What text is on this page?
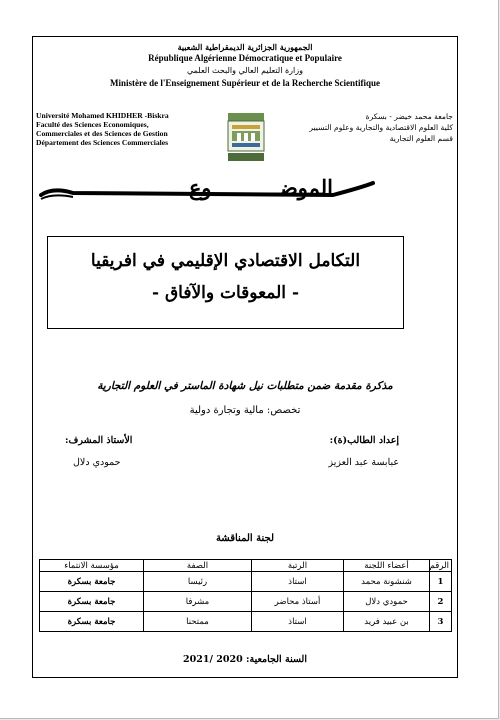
الجمهورية الجزائرية الديمقراطية الشعبية
République Algérienne Démocratique et Populaire
وزارة التعليم العالي والبحث العلمي
Ministère de l'Enseignement Supérieur et de la Recherche Scientifique
Université Mohamed KHIDHER -Biskra
Faculté des Sciences Economiques,
Commerciales et des Sciences de Gestion
Département des Sciences Commerciales
جامعة محمد خيضر - بسكرة
كلية العلوم الاقتصادية والتجارية وعلوم التسيير
قسم العلوم التجارية
الموضـــــــــــوع
التكامل الاقتصادي الإقليمي في افريقيا
- المعوقات والآفاق -
مذكرة مقدمة ضمن متطلبات نيل شهادة الماستر في العلوم التجارية
تخصص: مالية وتجارة دولية
إعداد الطالب(ة):
عبابسة عبد العزيز
الأستاذ المشرف:
حمودي دلال
لجنة المناقشة
الرقم	أعضاء اللجنة	الرتبة	الصفة	مؤسسة الانتماء
1	شنشونة محمد	استاذ	رئيسا	جامعة بسكرة
2	حمودي دلال	أستاذ محاضر	مشرفا	جامعة بسكرة
3	بن عبيد فريد	استاذ	ممتحنا	جامعة بسكرة
السنة الجامعية: 2020 /2021
